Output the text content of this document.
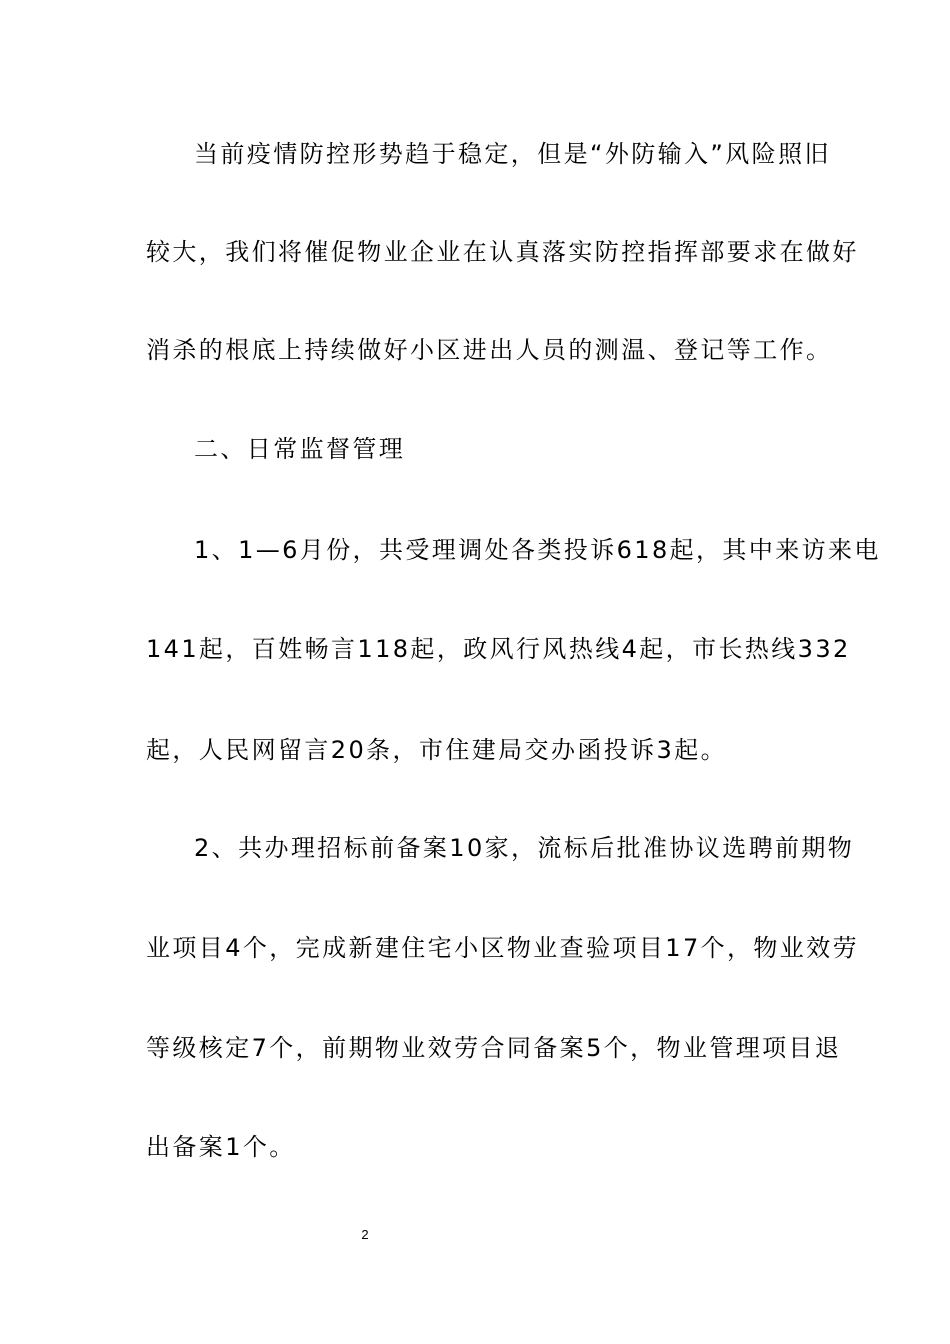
当前疫情防控形势趋于稳定，但是“外防输入”风险照旧
较大，我们将催促物业企业在认真落实防控指挥部要求在做好
消杀的根底上持续做好小区进出人员的测温、登记等工作。
二、日常监督管理
1、1—6月份，共受理调处各类投诉618起，其中来访来电
141起，百姓畅言118起，政风行风热线4起，市长热线332
起，人民网留言20条，市住建局交办函投诉3起。
2、共办理招标前备案10家，流标后批准协议选聘前期物
业项目4个，完成新建住宅小区物业查验项目17个，物业效劳
等级核定7个，前期物业效劳合同备案5个，物业管理项目退
出备案1个。
2
